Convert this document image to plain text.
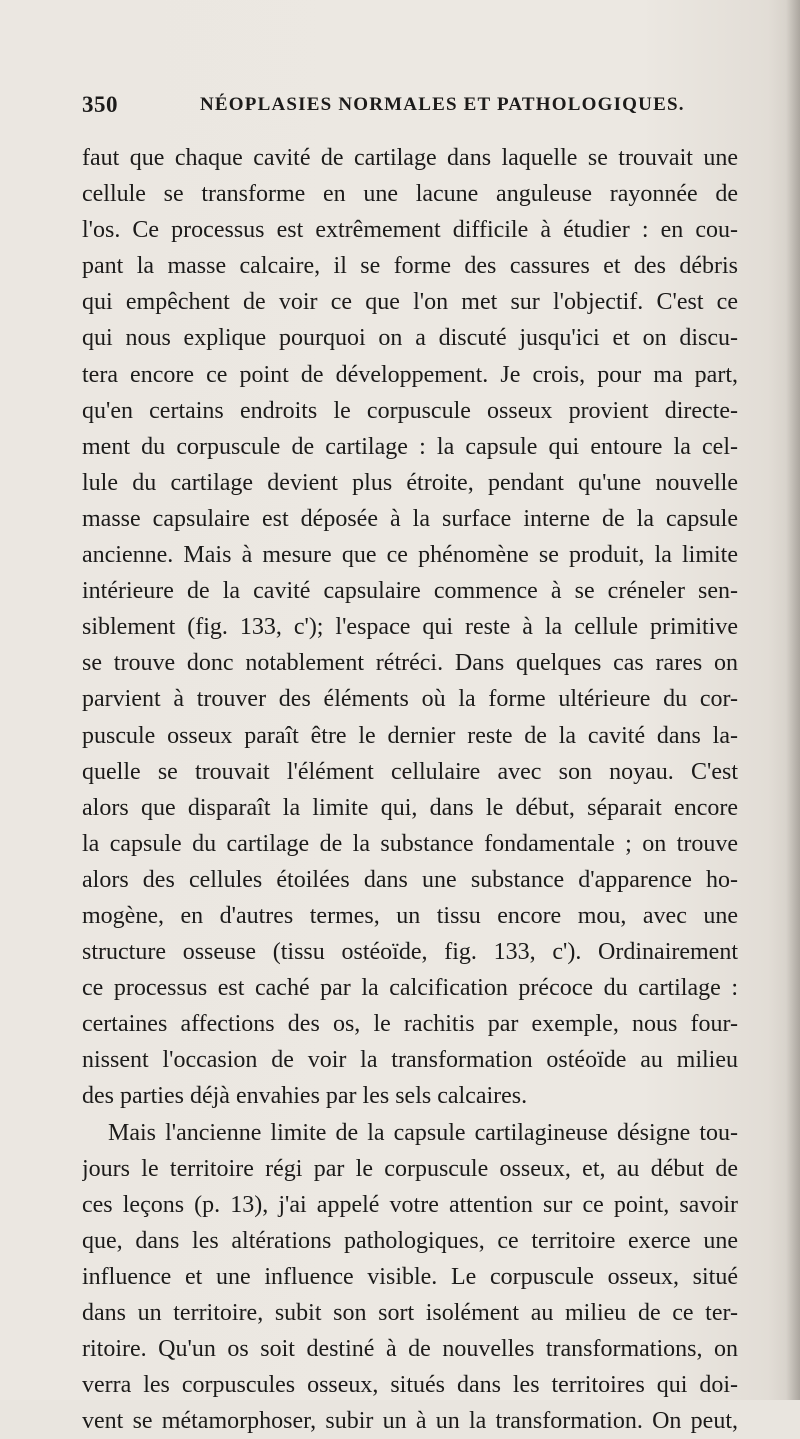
350	NÉOPLASIES NORMALES ET PATHOLOGIQUES.
faut que chaque cavité de cartilage dans laquelle se trouvait une
cellule se transforme en une lacune anguleuse rayonnée de
l'os. Ce processus est extrêmement difficile à étudier : en cou-
pant la masse calcaire, il se forme des cassures et des débris
qui empêchent de voir ce que l'on met sur l'objectif. C'est ce
qui nous explique pourquoi on a discuté jusqu'ici et on discu-
tera encore ce point de développement. Je crois, pour ma part,
qu'en certains endroits le corpuscule osseux provient directe-
ment du corpuscule de cartilage : la capsule qui entoure la cel-
lule du cartilage devient plus étroite, pendant qu'une nouvelle
masse capsulaire est déposée à la surface interne de la capsule
ancienne. Mais à mesure que ce phénomène se produit, la limite
intérieure de la cavité capsulaire commence à se créneler sen-
siblement (fig. 133, c'); l'espace qui reste à la cellule primitive
se trouve donc notablement rétréci. Dans quelques cas rares on
parvient à trouver des éléments où la forme ultérieure du cor-
puscule osseux paraît être le dernier reste de la cavité dans la-
quelle se trouvait l'élément cellulaire avec son noyau. C'est
alors que disparaît la limite qui, dans le début, séparait encore
la capsule du cartilage de la substance fondamentale ; on trouve
alors des cellules étoilées dans une substance d'apparence ho-
mogène, en d'autres termes, un tissu encore mou, avec une
structure osseuse (tissu ostéoïde, fig. 133, c'). Ordinairement
ce processus est caché par la calcification précoce du cartilage :
certaines affections des os, le rachitis par exemple, nous four-
nissent l'occasion de voir la transformation ostéoïde au milieu
des parties déjà envahies par les sels calcaires.
Mais l'ancienne limite de la capsule cartilagineuse désigne tou-
jours le territoire régi par le corpuscule osseux, et, au début de
ces leçons (p. 13), j'ai appelé votre attention sur ce point, savoir
que, dans les altérations pathologiques, ce territoire exerce une
influence et une influence visible. Le corpuscule osseux, situé
dans un territoire, subit son sort isolément au milieu de ce ter-
ritoire. Qu'un os soit destiné à de nouvelles transformations, on
verra les corpuscules osseux, situés dans les territoires qui doi-
vent se métamorphoser, subir un à un la transformation. On peut,
